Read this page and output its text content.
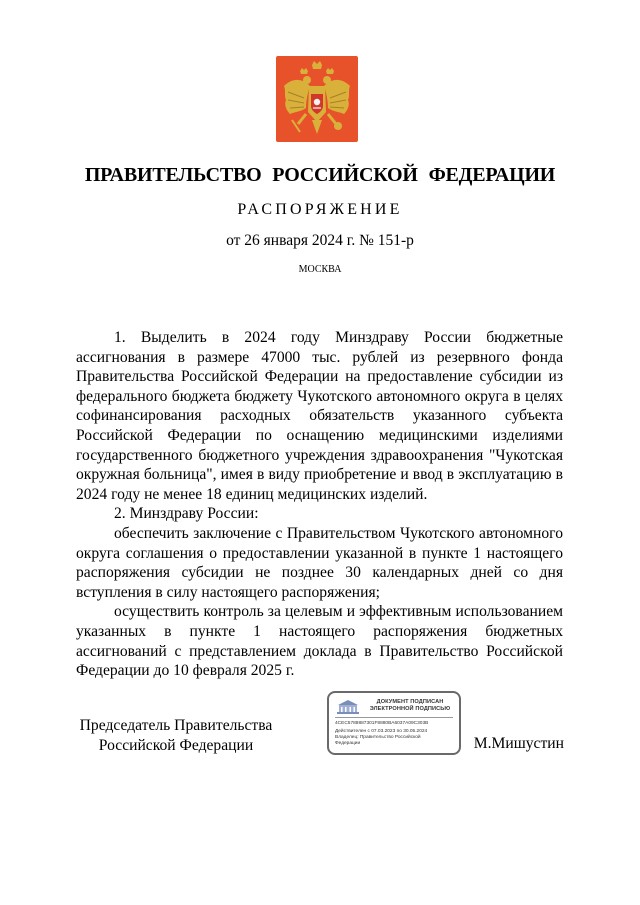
ПРАВИТЕЛЬСТВО РОССИЙСКОЙ ФЕДЕРАЦИИ
РАСПОРЯЖЕНИЕ
от 26 января 2024 г. № 151-р
МОСКВА

1. Выделить в 2024 году Минздраву России бюджетные ассигнования в размере 47000 тыс. рублей из резервного фонда Правительства Российской Федерации на предоставление субсидии из федерального бюджета бюджету Чукотского автономного округа в целях софинансирования расходных обязательств указанного субъекта Российской Федерации по оснащению медицинскими изделиями государственного бюджетного учреждения здравоохранения "Чукотская окружная больница", имея в виду приобретение и ввод в эксплуатацию в 2024 году не менее 18 единиц медицинских изделий.

2. Минздраву России:

обеспечить заключение с Правительством Чукотского автономного округа соглашения о предоставлении указанной в пункте 1 настоящего распоряжения субсидии не позднее 30 календарных дней со дня вступления в силу настоящего распоряжения;

осуществить контроль за целевым и эффективным использованием указанных в пункте 1 настоящего распоряжения бюджетных ассигнований с представлением доклада в Правительство Российской Федерации до 10 февраля 2025 г.

Председатель Правительства
Российской Федерации
ДОКУМЕНТ ПОДПИСАН
ЭЛЕКТРОННОЙ ПОДПИСЬЮ
4CEC5788887301F8880BA6037A09C303B
Действителен с 07.03.2023 по 30.05.2024
Владелец: Правительство Российской
Федерации	М.Мишустин
